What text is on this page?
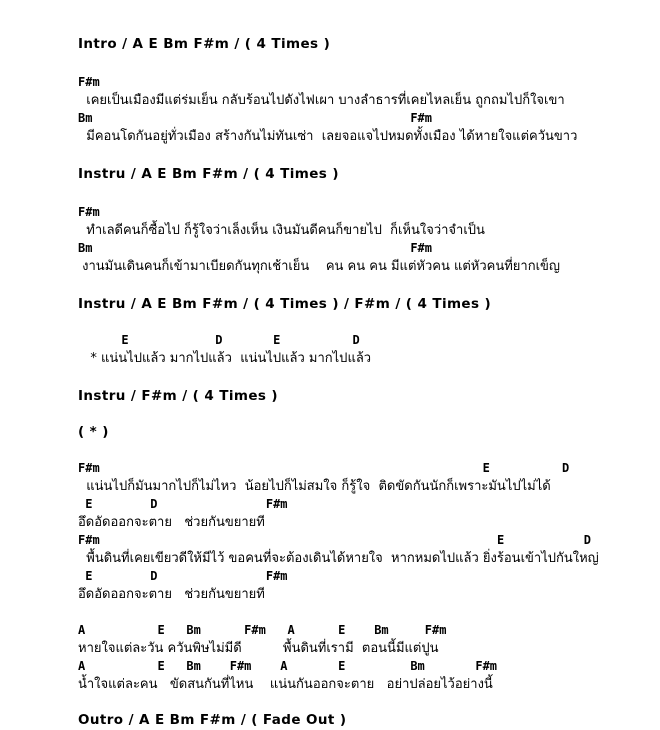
Intro / A E Bm F#m / ( 4 Times )
F#m
เคยเป็นเมืองมีแต่ร่มเย็น กลับร้อนไปดังไฟเผา บางลำธารที่เคยไหลเย็น ถูกถมไปก็ใจเขา
Bm                                            F#m
มีคอนโดกันอยู่ทั่วเมือง สร้างกันไม่ทันเซ่า  เลยจอแจไปหมดทั้งเมือง ได้หายใจแต่ควันขาว
Instru / A E Bm F#m / ( 4 Times )
F#m
ทำเลดีคนก็ซื้อไป ก็รู้ใจว่าเล็งเห็น เงินมันดีคนก็ขายไป  ก็เห็นใจว่าจำเป็น
Bm                                            F#m
งานมันเดินคนก็เข้ามาเบียดกันทุกเช้าเย็น    คน คน คน มีแต่หัวคน แต่หัวคนที่ยากเข็ญ
Instru / A E Bm F#m / ( 4 Times ) / F#m / ( 4 Times )
E            D       E          D
* แน่นไปแล้ว มากไปแล้ว  แน่นไปแล้ว มากไปแล้ว
Instru / F#m / ( 4 Times )
( * )
F#m                                                     E          D
แน่นไปก็มันมากไปก็ไม่ไหว  น้อยไปก็ไม่สมใจ ก็รู้ใจ  ติดขัดกันนักก็เพราะมันไปไม่ได้
E        D               F#m
อึดอัดออกจะตาย   ช่วยกันขยายที
F#m                                                       E           D
พื้นดินที่เคยเขียวดีให้มีไว้ ขอคนที่จะต้องเดินได้หายใจ  หากหมดไปแล้ว ยิ่งร้อนเข้าไปกันใหญ่
E        D               F#m
อึดอัดออกจะตาย   ช่วยกันขยายที
A          E   Bm      F#m   A      E    Bm     F#m
หายใจแต่ละวัน ควันพิษไม่มีดี          พื้นดินที่เรามี  ตอนนี้มีแต่ปูน
A          E   Bm    F#m    A       E         Bm       F#m
น้ำใจแต่ละคน   ขัดสนกันที่ไหน    แน่นกันออกจะตาย   อย่าปล่อยไว้อย่างนี้
Outro / A E Bm F#m / ( Fade Out )
